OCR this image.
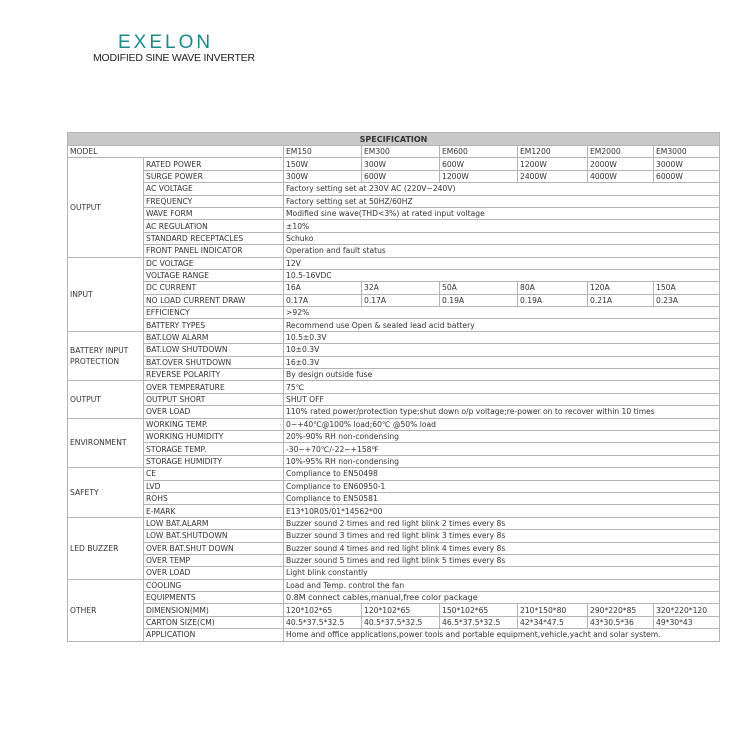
EXELON
MODIFIED SINE WAVE INVERTER
SPECIFICATION							
MODEL		EM150	EM300	EM600	EM1200	EM2000	EM3000
OUTPUT	RATED POWER	150W	300W	600W	1200W	2000W	3000W
	SURGE POWER	300W	600W	1200W	2400W	4000W	6000W
	AC VOLTAGE	Factory setting set at 230V AC (220V~240V)					
	FREQUENCY	Factory setting set at 50HZ/60HZ					
	WAVE FORM	Modified sine wave(THD<3%) at rated input voltage					
	AC REGULATION	±10%					
	STANDARD RECEPTACLES	Schuko					
	FRONT PANEL INDICATOR	Operation and fault status					
INPUT	DC VOLTAGE	12V					
	VOLTAGE RANGE	10.5-16VDC					
	DC CURRENT	16A	32A	50A	80A	120A	150A
	NO LOAD CURRENT DRAW	0.17A	0.17A	0.19A	0.19A	0.21A	0.23A
	EFFICIENCY	>92%					
	BATTERY TYPES	Recommend use Open & sealed lead acid battery					
BATTERY INPUT
PROTECTION	BAT.LOW ALARM	10.5±0.3V					
	BAT.LOW SHUTDOWN	10±0.3V					
	BAT.OVER SHUTDOWN	16±0.3V					
	REVERSE POLARITY	By design outside fuse					
OUTPUT	OVER TEMPERATURE	75℃					
	OUTPUT SHORT	SHUT OFF					
	OVER LOAD	110% rated power/protection type;shut down o/p voltage;re-power on to recover within 10 times					
ENVIRONMENT	WORKING TEMP.	0~+40℃@100% load;60℃ @50% load					
	WORKING HUMIDITY	20%-90% RH non-condensing					
	STORAGE TEMP.	-30~+70℃/-22~+158℉					
	STORAGE HUMIDITY	10%-95% RH non-condensing					
SAFETY	CE	Compliance to EN50498					
	LVD	Compliance to EN60950-1					
	ROHS	Compliance to EN50581					
	E-MARK	E13*10R05/01*14562*00					
LED BUZZER	LOW BAT.ALARM	Buzzer sound 2 times and red light blink 2 times every 8s					
	LOW BAT.SHUTDOWN	Buzzer sound 3 times and red light blink 3 times every 8s					
	OVER BAT.SHUT DOWN	Buzzer sound 4 times and red light blink 4 times every 8s					
	OVER TEMP	Buzzer sound 5 times and red light blink 5 times every 8s					
	OVER LOAD	Light blink constantly					
OTHER	COOLING	Load and Temp. control the fan					
	EQUIPMENTS	0.8M connect cables,manual,free color package					
	DIMENSION(MM)	120*102*65	120*102*65	150*102*65	210*150*80	290*220*85	320*220*120
	CARTON SIZE(CM)	40.5*37.5*32.5	40.5*37.5*32.5	46.5*37.5*32.5	42*34*47.5	43*30.5*36	49*30*43
	APPLICATION	Home and office applications,power tools and portable equipment,vehicle,yacht and solar system.					
